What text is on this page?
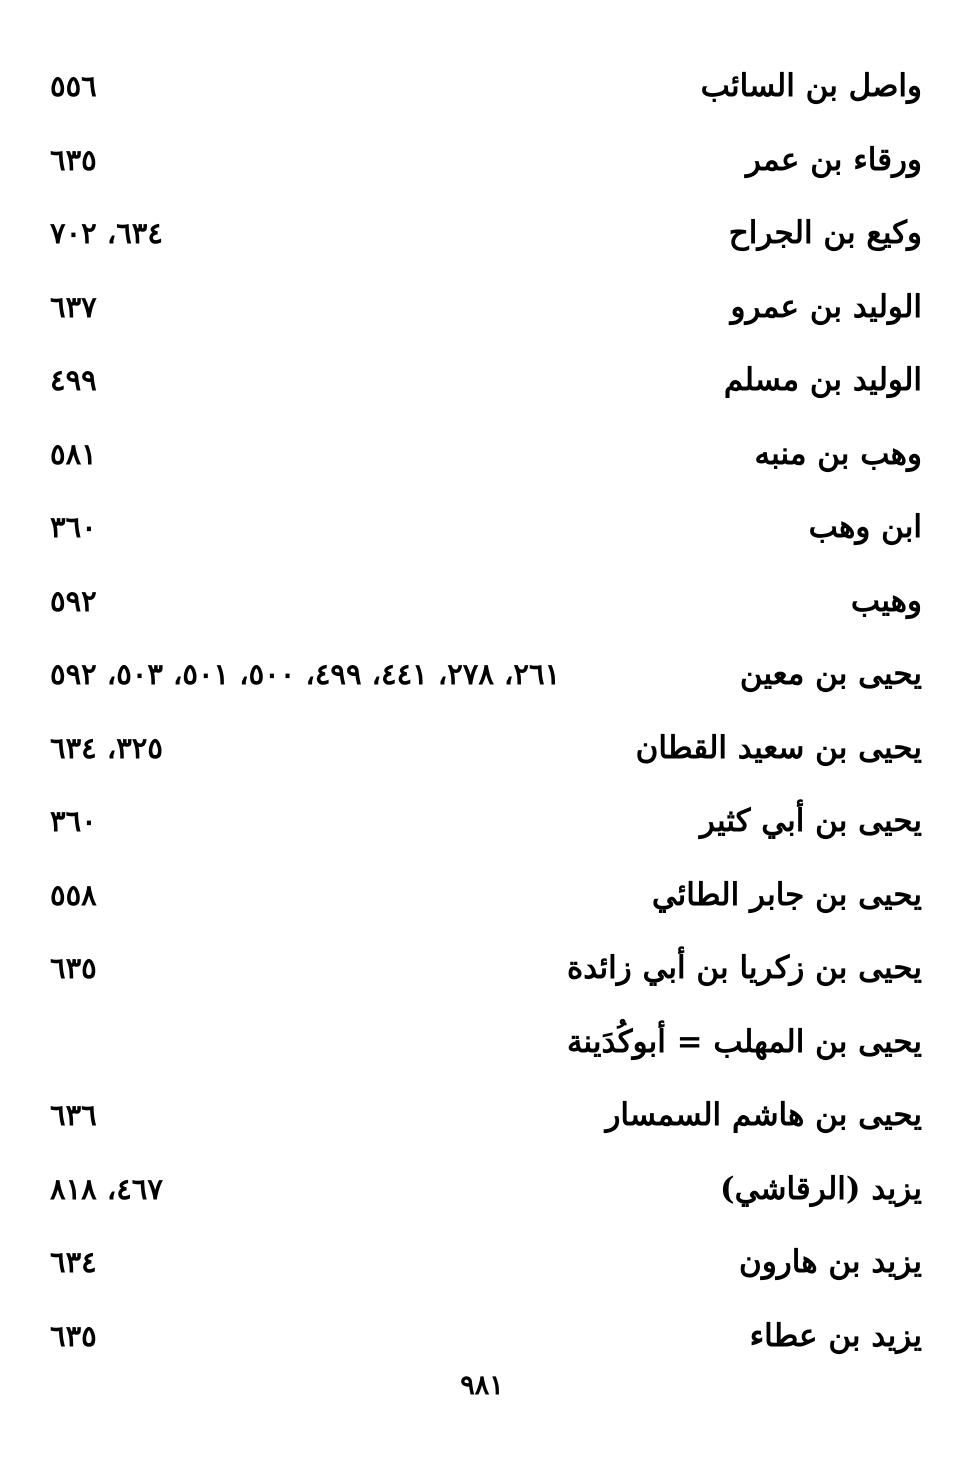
واصل بن السائب
٥٥٦
ورقاء بن عمر
٦٣٥
وكيع بن الجراح
٦٣٤، ٧٠٢
الوليد بن عمرو
٦٣٧
الوليد بن مسلم
٤٩٩
وهب بن منبه
٥٨١
ابن وهب
٣٦٠
وهيب
٥٩٢
يحيى بن معين
٢٦١، ٢٧٨، ٤٤١، ٤٩٩، ٥٠٠، ٥٠١، ٥٠٣، ٥٩٢
يحيى بن سعيد القطان
٣٢٥، ٦٣٤
يحيى بن أبي كثير
٣٦٠
يحيى بن جابر الطائي
٥٥٨
يحيى بن زكريا بن أبي زائدة
٦٣٥
يحيى بن المهلب = أبوكُدَينة
يحيى بن هاشم السمسار
٦٣٦
يزيد (الرقاشي)
٤٦٧، ٨١٨
يزيد بن هارون
٦٣٤
يزيد بن عطاء
٦٣٥
٩٨١
